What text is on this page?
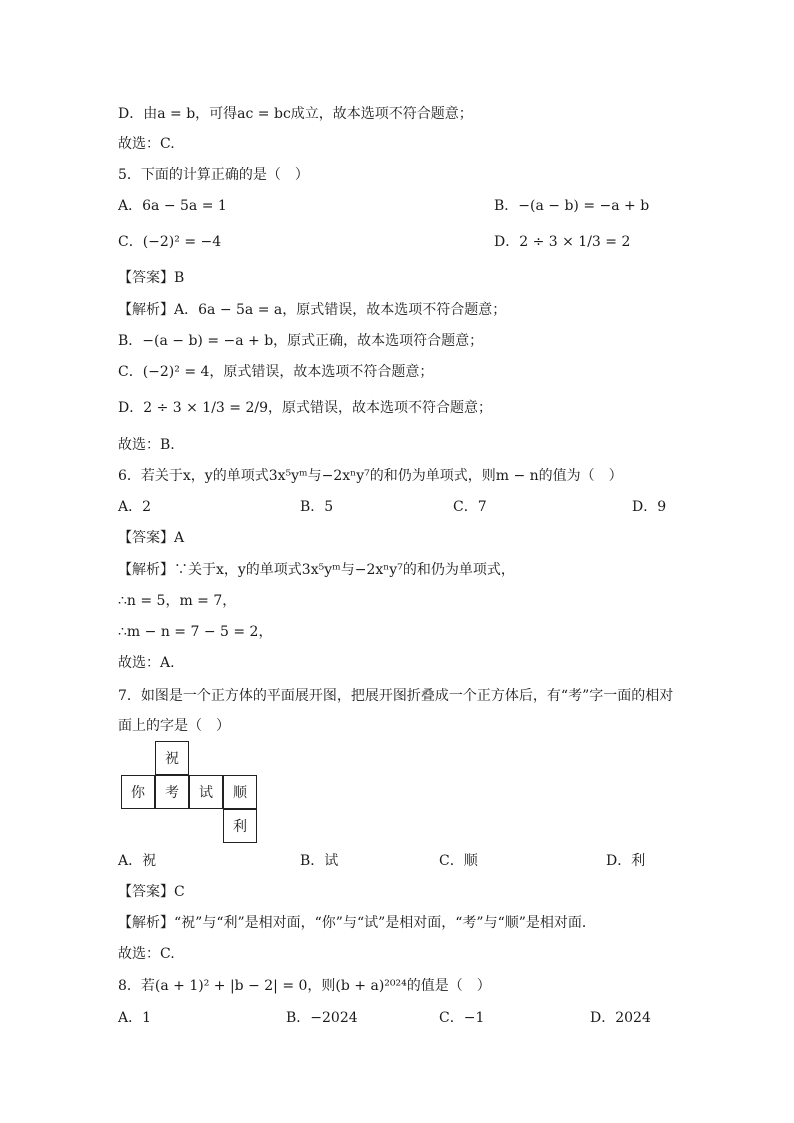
D．由a = b，可得ac = bc成立，故本选项不符合题意；
故选：C.
5．下面的计算正确的是（　）
A．6a − 5a = 1	B．−(a − b) = −a + b
C．(−2)² = −4	D．2 ÷ 3 × 1/3 = 2
【答案】B
【解析】A．6a − 5a = a，原式错误，故本选项不符合题意；
B．−(a − b) = −a + b，原式正确，故本选项符合题意；
C．(−2)² = 4，原式错误，故本选项不符合题意；
D．2 ÷ 3 × 1/3 = 2/9，原式错误，故本选项不符合题意；
故选：B.
6．若关于x，y的单项式3x⁵yᵐ与−2xⁿy⁷的和仍为单项式，则m − n的值为（　）
A．2	B．5	C．7	D．9
【答案】A
【解析】∵关于x，y的单项式3x⁵yᵐ与−2xⁿy⁷的和仍为单项式，
∴n = 5，m = 7，
∴m − n = 7 − 5 = 2，
故选：A.
7．如图是一个正方体的平面展开图，把展开图折叠成一个正方体后，有“考”字一面的相对
面上的字是（　）
祝
你	考	试	顺
利
A．祝	B．试	C．顺	D．利
【答案】C
【解析】“祝”与“利”是相对面，“你”与“试”是相对面，“考”与“顺”是相对面．
故选：C.
8．若(a + 1)² + |b − 2| = 0，则(b + a)²⁰²⁴的值是（　）
A．1	B．−2024	C．−1	D．2024
